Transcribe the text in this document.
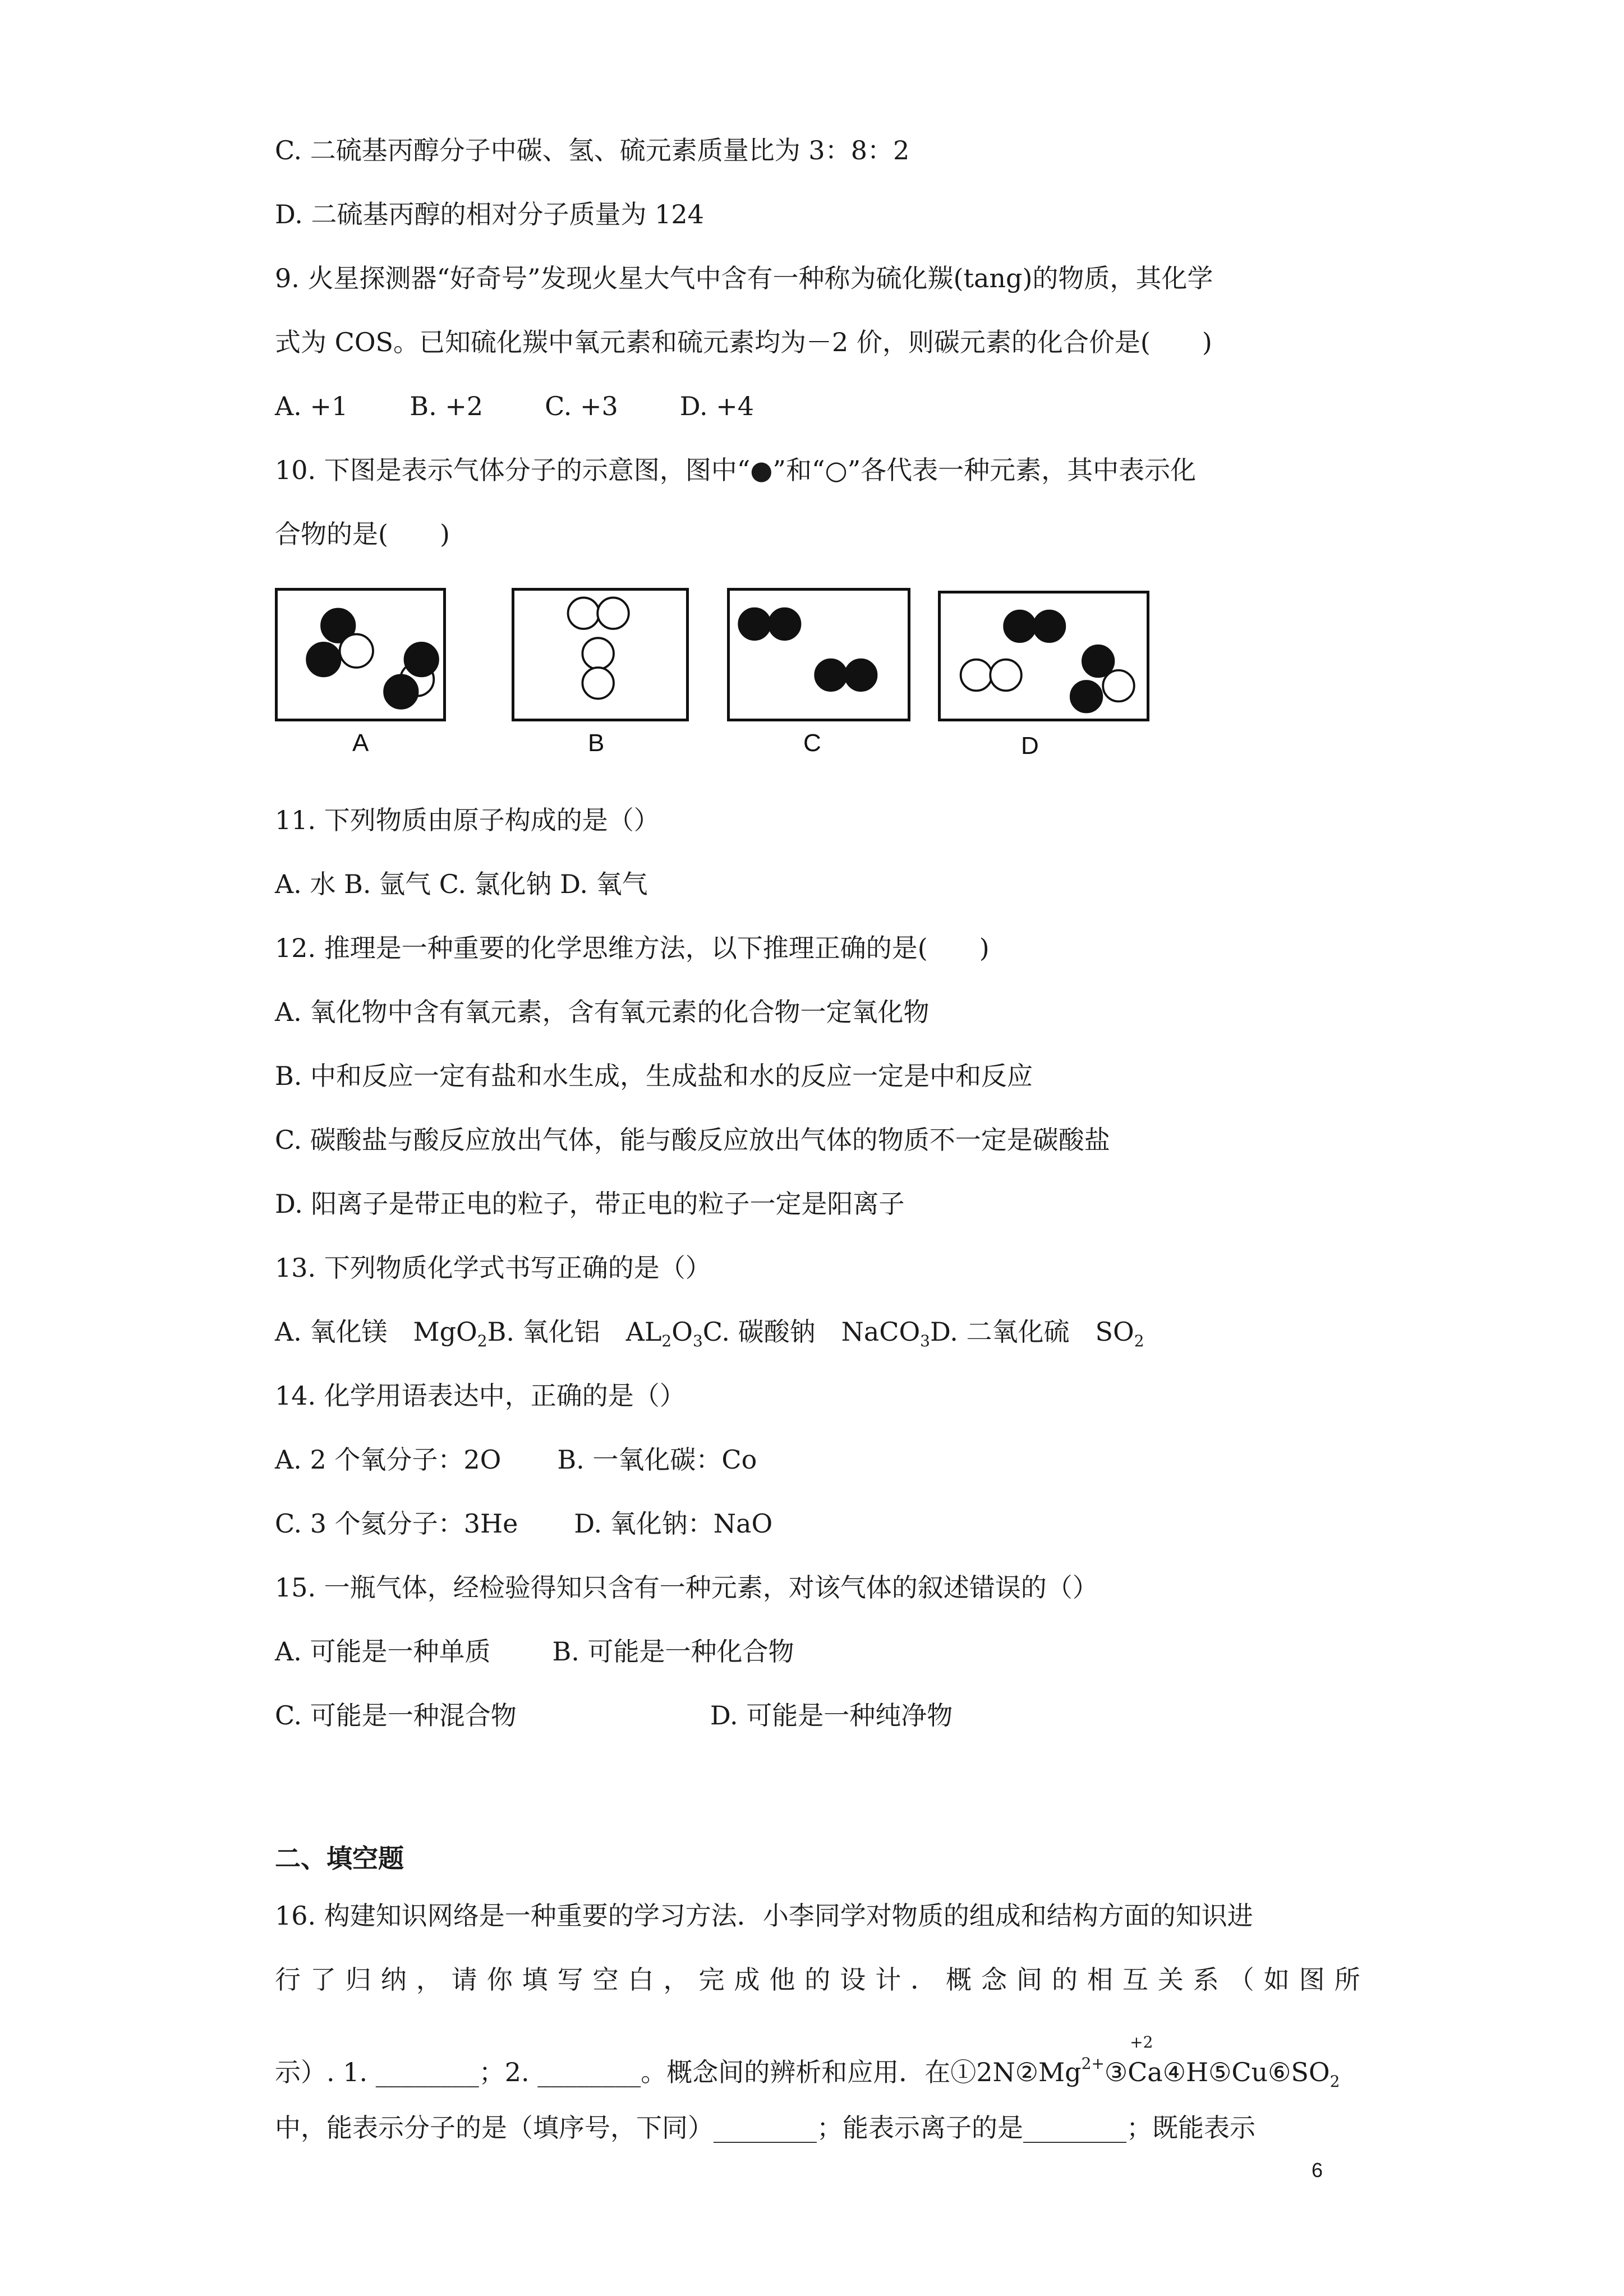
C. 二硫基丙醇分子中碳、氢、硫元素质量比为 3：8：2
D. 二硫基丙醇的相对分子质量为 124
9. 火星探测器“好奇号”发现火星大气中含有一种称为硫化羰(tang)的物质，其化学
式为 COS。已知硫化羰中氧元素和硫元素均为－2 价，则碳元素的化合价是(　　)
A. +1 B. +2 C. +3 D. +4
10. 下图是表示气体分子的示意图，图中“●”和“○”各代表一种元素，其中表示化
合物的是(　　)
A	B	C	D
11. 下列物质由原子构成的是（）
A. 水 B. 氩气 C. 氯化钠 D. 氧气
12. 推理是一种重要的化学思维方法，以下推理正确的是(　　)
A. 氧化物中含有氧元素，含有氧元素的化合物一定氧化物
B. 中和反应一定有盐和水生成，生成盐和水的反应一定是中和反应
C. 碳酸盐与酸反应放出气体，能与酸反应放出气体的物质不一定是碳酸盐
D. 阳离子是带正电的粒子，带正电的粒子一定是阳离子
13. 下列物质化学式书写正确的是（）
A. 氧化镁　MgO$_2$B. 氧化铝　$AL_2O_3C$. 碳酸钠　NaCO$_3$D. 二氧化硫　$SO_2$
14. 化学用语表达中，正确的是（）
A. 2 个氧分子：2O B. 一氧化碳：Co
C. 3 个氦分子：3He D. 氧化钠：NaO
15. 一瓶气体，经检验得知只含有一种元素，对该气体的叙述错误的（）
A. 可能是一种单质 B. 可能是一种化合物
C. 可能是一种混合物	D. 可能是一种纯净物
二、填空题
16. 构建知识网络是一种重要的学习方法．小李同学对物质的组成和结构方面的知识进
行 了 归 纳 ， 请 你 填 写 空 白 ， 完 成 他 的 设 计 ． 概 念 间 的 相 互 关 系 （ 如 图 所
示）. 1. ________；2. ________。概念间的辨析和应用．在$①2N②Mg^{2+}③$
+2
$Ca④H⑤Cu⑥SO_2$
中，能表示分子的是（填序号，下同）________；能表示离子的是________；既能表示
6
